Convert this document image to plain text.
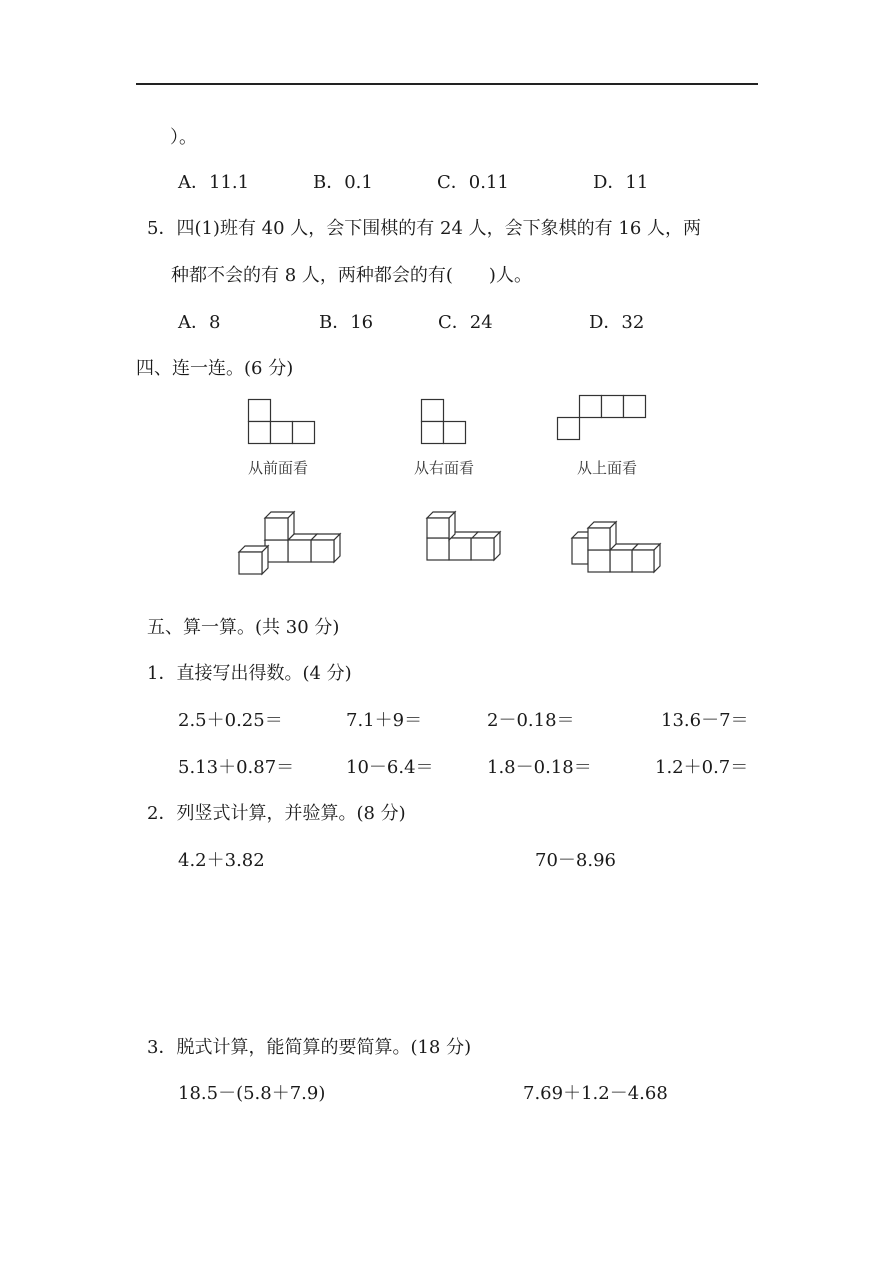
）。
A．11.1	B．0.1	C．0.11	D．11
5．四(1)班有 40 人，会下围棋的有 24 人，会下象棋的有 16 人，两
种都不会的有 8 人，两种都会的有(　　)人。
A．8	B．16	C．24	D．32
四、连一连。(6 分)
从前面看	从右面看	从上面看
五、算一算。(共 30 分)
1．直接写出得数。(4 分)
2.5＋0.25＝	7.1＋9＝	2－0.18＝	13.6－7＝
5.13＋0.87＝	10－6.4＝	1.8－0.18＝	1.2＋0.7＝
2．列竖式计算，并验算。(8 分)
4.2＋3.82	70－8.96
3．脱式计算，能简算的要简算。(18 分)
18.5－(5.8＋7.9)	7.69＋1.2－4.68
